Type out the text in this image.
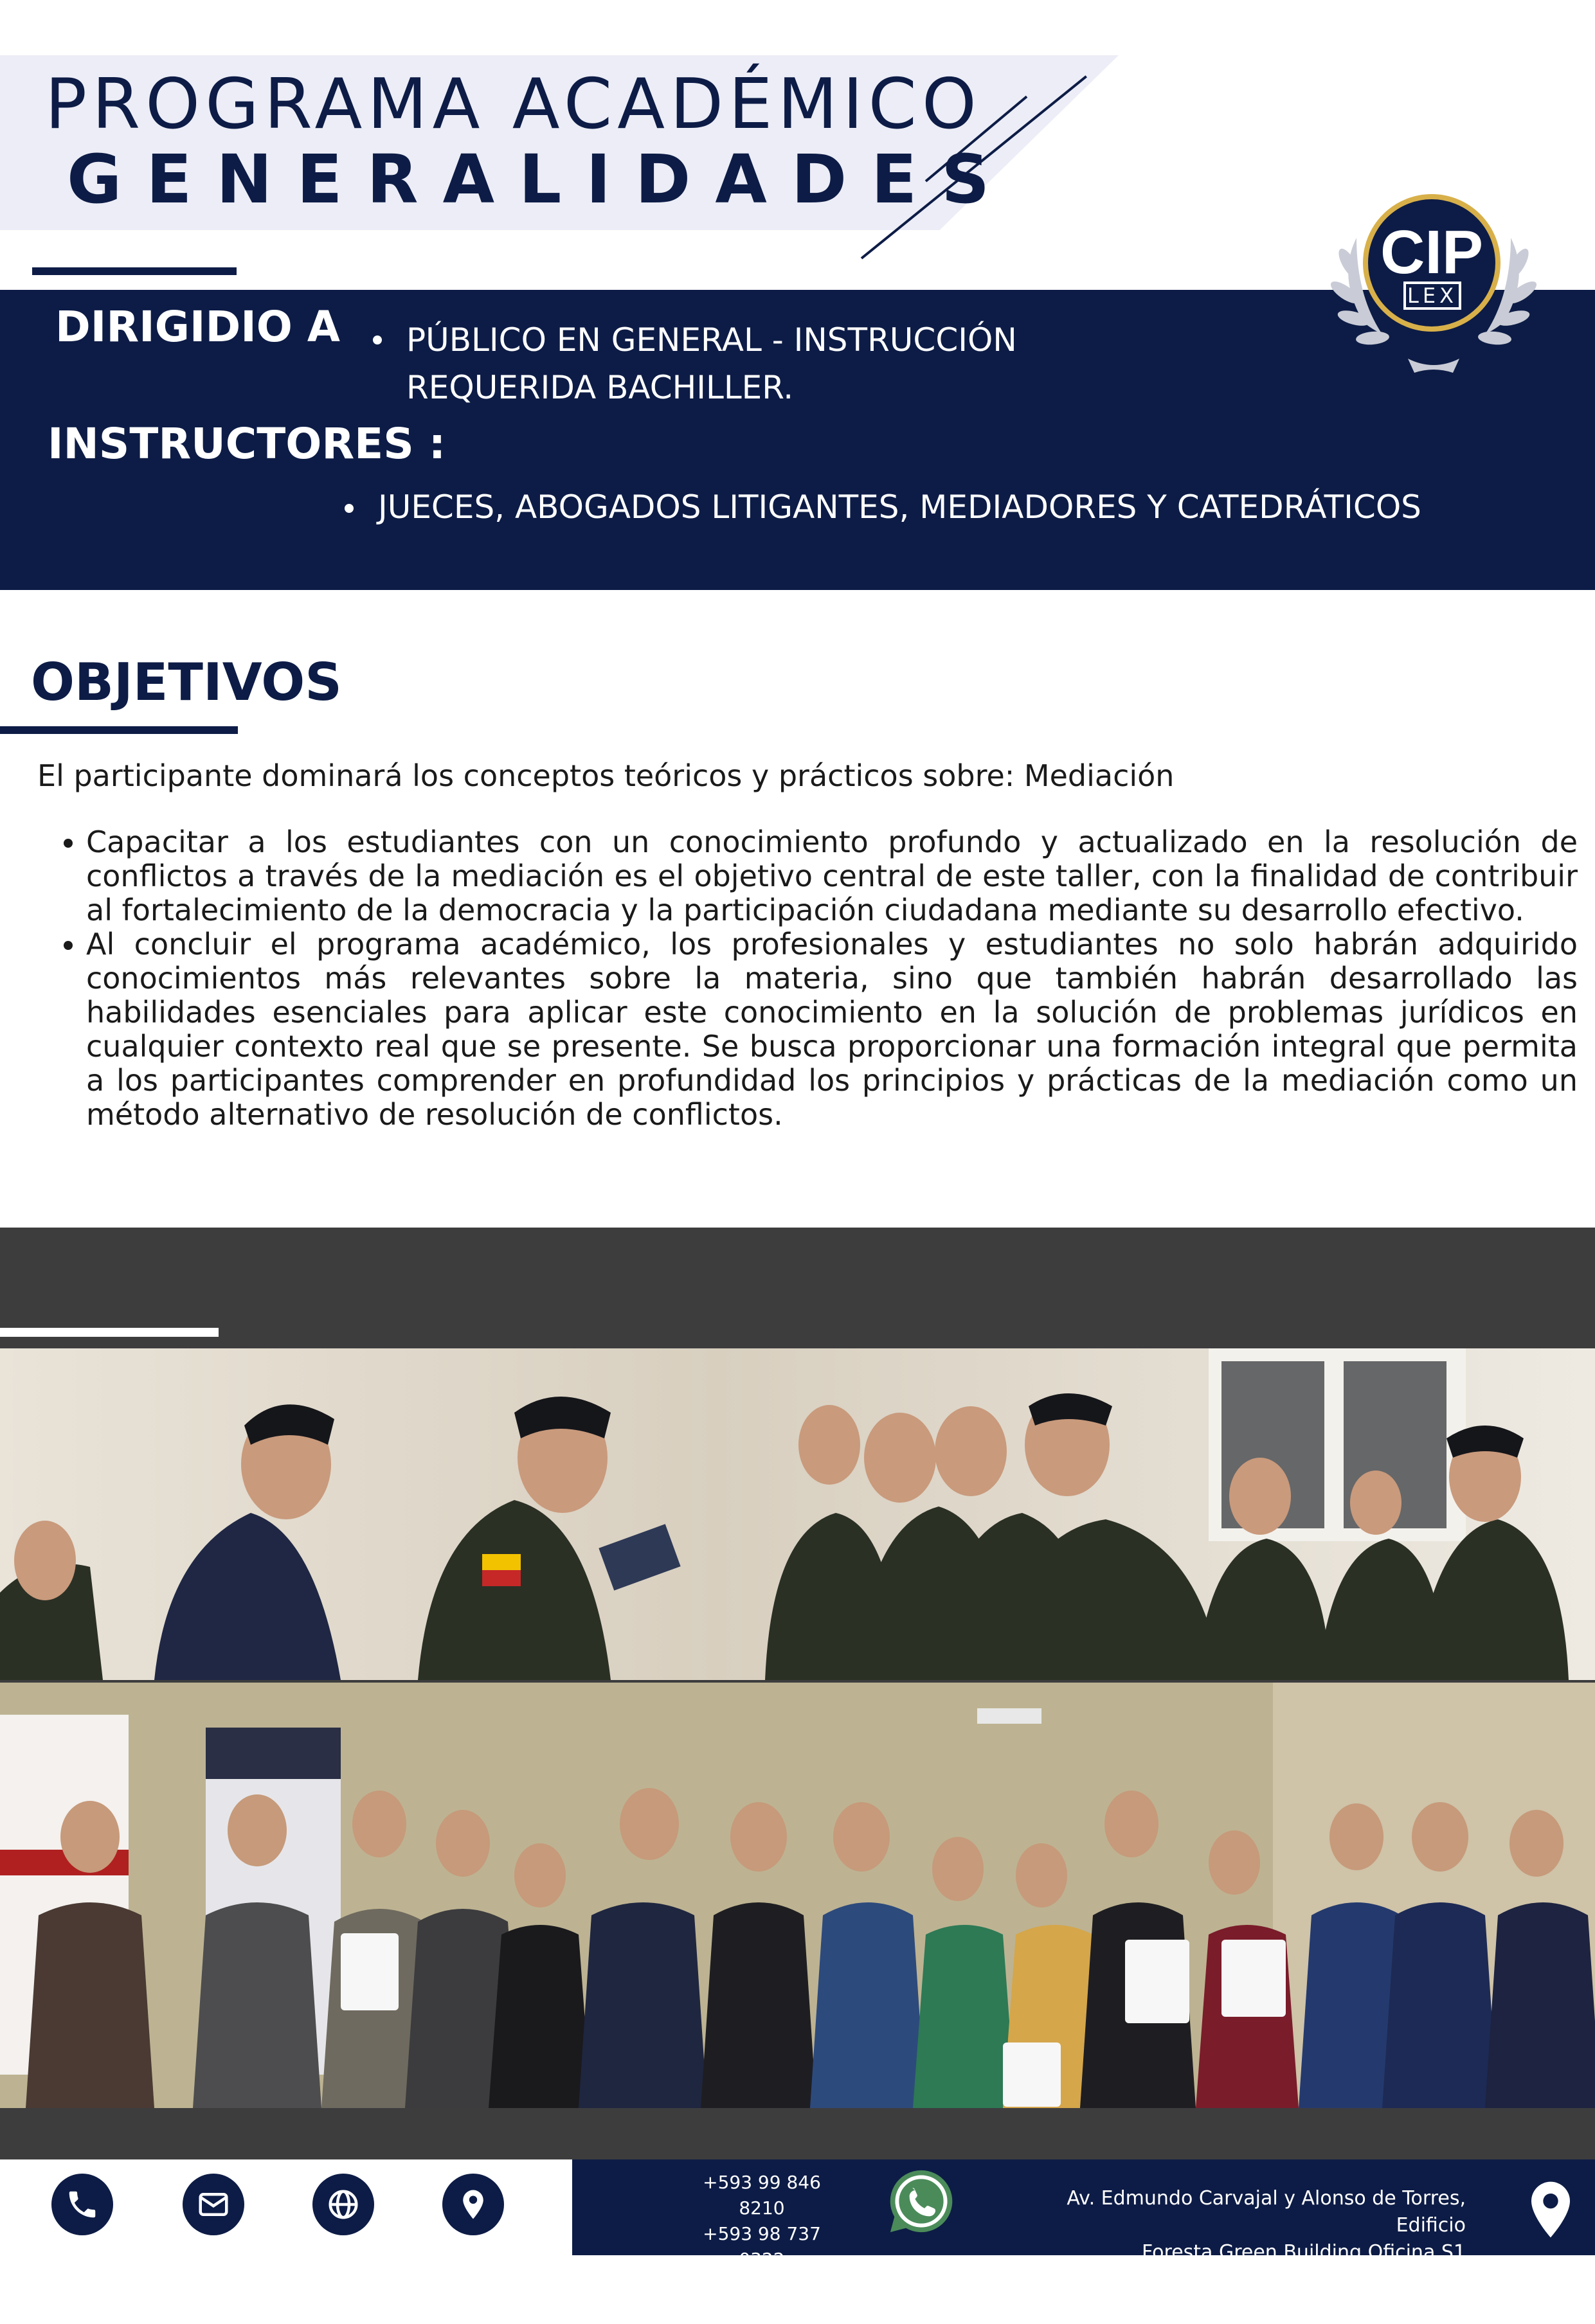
PROGRAMA ACADÉMICO
GENERALIDADES
DIRIGIDIO A PÚBLICO EN GENERAL - INSTRUCCIÓN
REQUERIDA BACHILLER.
INSTRUCTORES :
JUECES, ABOGADOS LITIGANTES, MEDIADORES Y CATEDRÁTICOS
CIP
LEX
OBJETIVOS
El participante dominará los conceptos teóricos y prácticos sobre: Mediación
• Capacitar a los estudiantes con un conocimiento profundo y actualizado en la resolución de conflictos a través de la mediación es el objetivo central de este taller, con la finalidad de contribuir al fortalecimiento de la democracia y la participación ciudadana mediante su desarrollo efectivo.
• Al concluir el programa académico, los profesionales y estudiantes no solo habrán adquirido conocimientos más relevantes sobre la materia, sino que también habrán desarrollado las habilidades esenciales para aplicar este conocimiento en la solución de problemas jurídicos en cualquier contexto real que se presente. Se busca proporcionar una formación integral que permita a los participantes comprender en profundidad los principios y prácticas de la mediación como un método alternativo de resolución de conflictos.
+593 99 846 8210
+593 98 737 0322
+593 99 998 7818
Av. Edmundo Carvajal y Alonso de Torres, Edificio
Foresta Green Building Oficina S1
